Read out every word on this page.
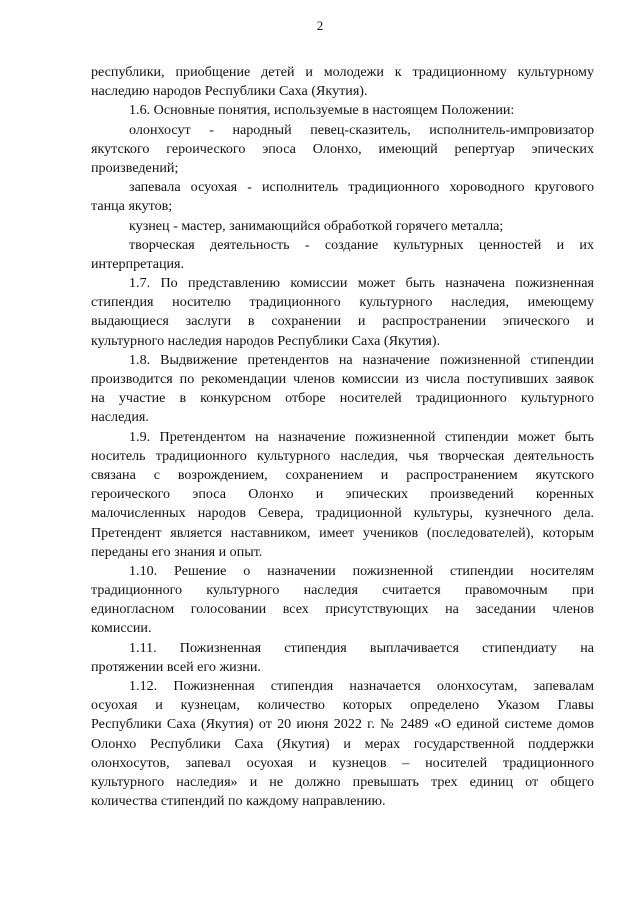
2
республики, приобщение детей и молодежи к традиционному культурному
наследию народов Республики Саха (Якутия).
1.6. Основные понятия, используемые в настоящем Положении:
олонхосут - народный певец-сказитель, исполнитель-импровизатор
якутского героического эпоса Олонхо, имеющий репертуар эпических
произведений;
запевала осуохая - исполнитель традиционного хороводного кругового
танца якутов;
кузнец - мастер, занимающийся обработкой горячего металла;
творческая деятельность - создание культурных ценностей и их
интерпретация.
1.7. По представлению комиссии может быть назначена пожизненная
стипендия носителю традиционного культурного наследия, имеющему
выдающиеся заслуги в сохранении и распространении эпического и
культурного наследия народов Республики Саха (Якутия).
1.8. Выдвижение претендентов на назначение пожизненной стипендии
производится по рекомендации членов комиссии из числа поступивших заявок
на участие в конкурсном отборе носителей традиционного культурного
наследия.
1.9. Претендентом на назначение пожизненной стипендии может быть
носитель традиционного культурного наследия, чья творческая деятельность
связана с возрождением, сохранением и распространением якутского
героического эпоса Олонхо и эпических произведений коренных
малочисленных народов Севера, традиционной культуры, кузнечного дела.
Претендент является наставником, имеет учеников (последователей), которым
переданы его знания и опыт.
1.10. Решение о назначении пожизненной стипендии носителям
традиционного культурного наследия считается правомочным при
единогласном голосовании всех присутствующих на заседании членов
комиссии.
1.11. Пожизненная стипендия выплачивается стипендиату на
протяжении всей его жизни.
1.12. Пожизненная стипендия назначается олонхосутам, запевалам
осуохая и кузнецам, количество которых определено Указом Главы
Республики Саха (Якутия) от 20 июня 2022 г. № 2489 «О единой системе домов
Олонхо Республики Саха (Якутия) и мерах государственной поддержки
олонхосутов, запевал осуохая и кузнецов – носителей традиционного
культурного наследия» и не должно превышать трех единиц от общего
количества стипендий по каждому направлению.
